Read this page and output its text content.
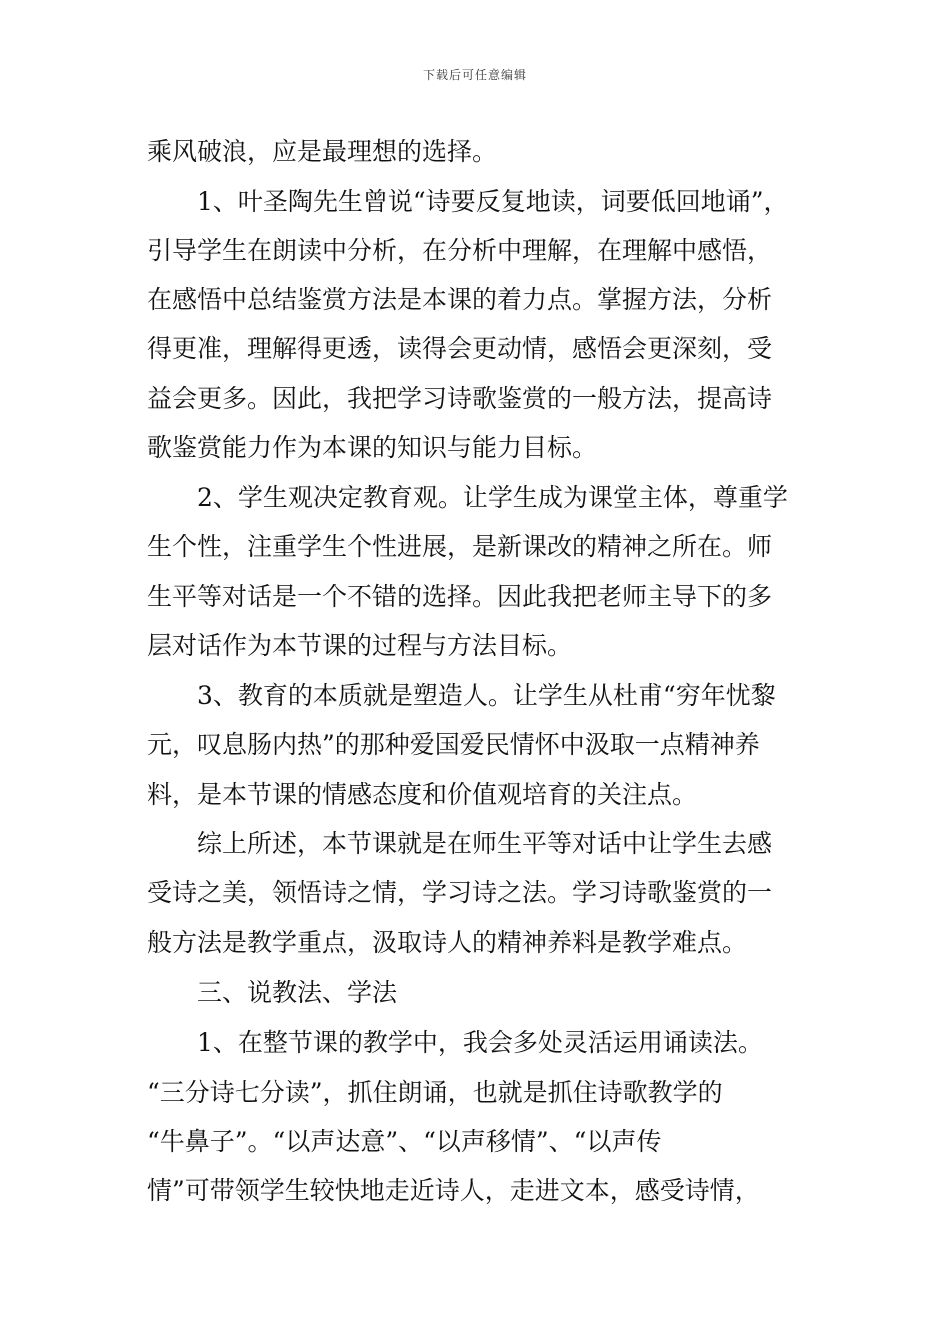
下载后可任意编辑
乘风破浪，应是最理想的选择。
　　1、叶圣陶先生曾说“诗要反复地读，词要低回地诵”，
引导学生在朗读中分析，在分析中理解，在理解中感悟，
在感悟中总结鉴赏方法是本课的着力点。掌握方法，分析
得更准，理解得更透，读得会更动情，感悟会更深刻，受
益会更多。因此，我把学习诗歌鉴赏的一般方法，提高诗
歌鉴赏能力作为本课的知识与能力目标。
　　2、学生观决定教育观。让学生成为课堂主体，尊重学
生个性，注重学生个性进展，是新课改的精神之所在。师
生平等对话是一个不错的选择。因此我把老师主导下的多
层对话作为本节课的过程与方法目标。
　　3、教育的本质就是塑造人。让学生从杜甫“穷年忧黎
元，叹息肠内热”的那种爱国爱民情怀中汲取一点精神养
料，是本节课的情感态度和价值观培育的关注点。
　　综上所述，本节课就是在师生平等对话中让学生去感
受诗之美，领悟诗之情，学习诗之法。学习诗歌鉴赏的一
般方法是教学重点，汲取诗人的精神养料是教学难点。
　　三、说教法、学法
　　1、在整节课的教学中，我会多处灵活运用诵读法。
“三分诗七分读”，抓住朗诵，也就是抓住诗歌教学的
“牛鼻子”。“以声达意”、“以声移情”、“以声传
情”可带领学生较快地走近诗人，走进文本，感受诗情，
